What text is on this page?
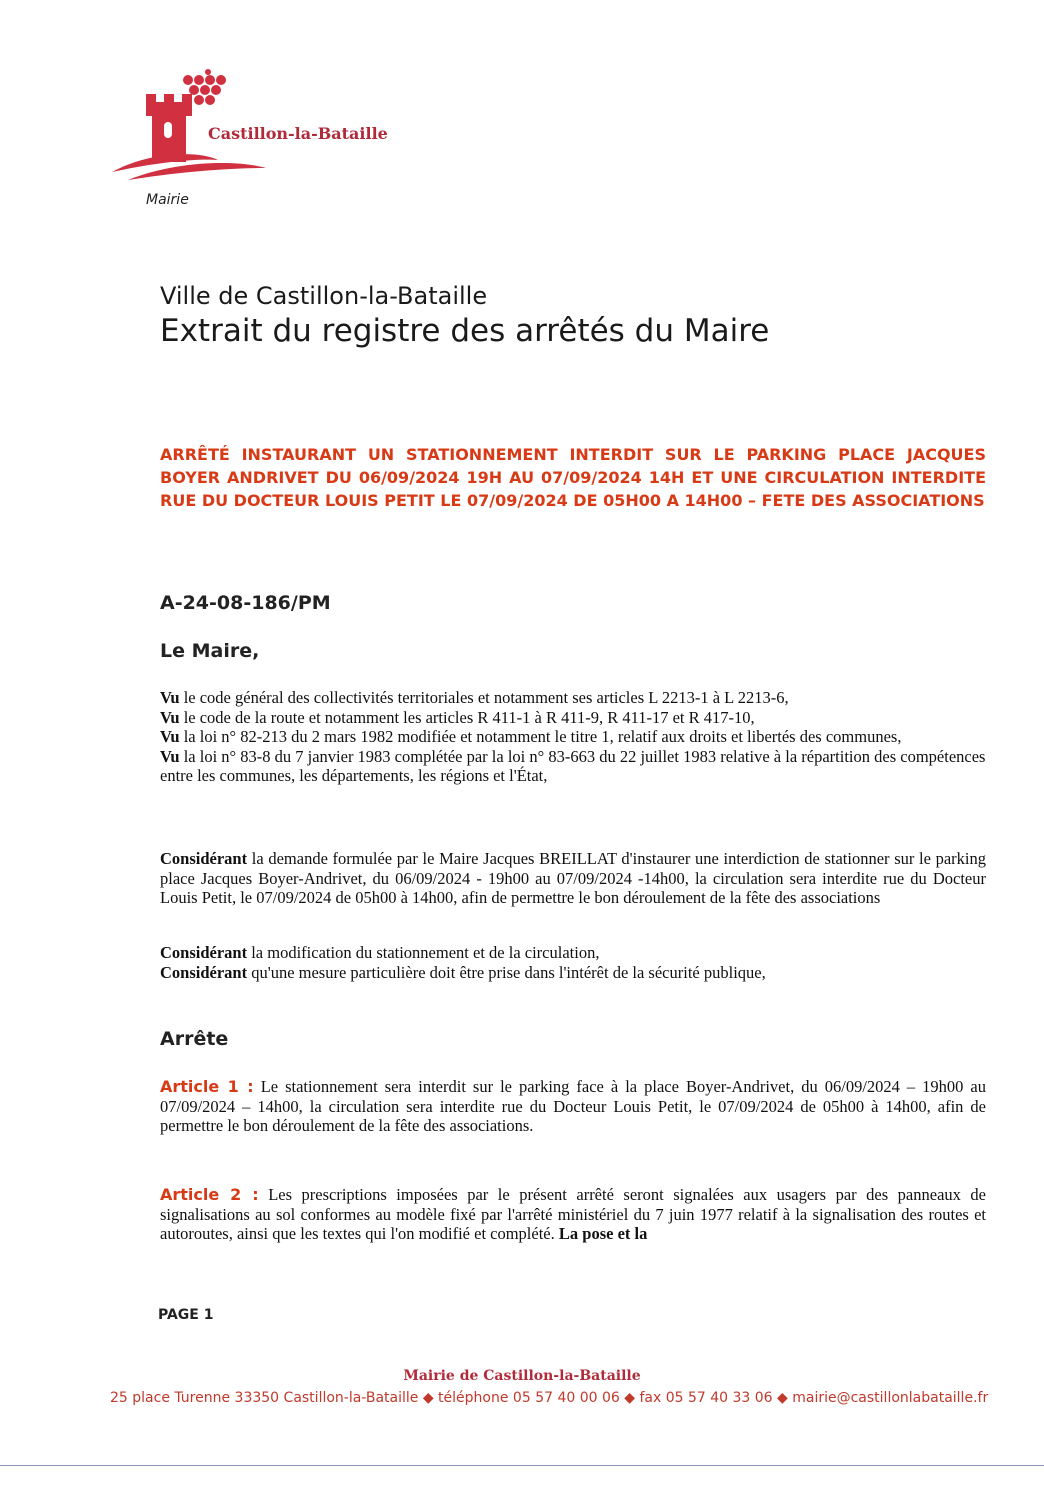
Castillon-la-Bataille
Mairie
Ville de Castillon-la-Bataille
Extrait du registre des arrêtés du Maire

ARRÊTÉ INSTAURANT UN STATIONNEMENT INTERDIT SUR LE PARKING PLACE JACQUES BOYER ANDRIVET DU 06/09/2024 19H AU 07/09/2024 14H ET UNE CIRCULATION INTERDITE RUE DU DOCTEUR LOUIS PETIT LE 07/09/2024 DE 05H00 A 14H00 – FETE DES ASSOCIATIONS

A-24-08-186/PM
Le Maire,

Vu le code général des collectivités territoriales et notamment ses articles L 2213-1 à L 2213-6,

Vu le code de la route et notamment les articles R 411-1 à R 411-9, R 411-17 et R 417-10,

Vu la loi n° 82-213 du 2 mars 1982 modifiée et notamment le titre 1, relatif aux droits et libertés des communes,

Vu la loi n° 83-8 du 7 janvier 1983 complétée par la loi n° 83-663 du 22 juillet 1983 relative à la répartition des compétences entre les communes, les départements, les régions et l'État,

Considérant la demande formulée par le Maire Jacques BREILLAT d'instaurer une interdiction de stationner sur le parking place Jacques Boyer-Andrivet, du 06/09/2024 - 19h00 au 07/09/2024 -14h00, la circulation sera interdite rue du Docteur Louis Petit, le 07/09/2024 de 05h00 à 14h00, afin de permettre le bon déroulement de la fête des associations

Considérant la modification du stationnement et de la circulation,

Considérant qu'une mesure particulière doit être prise dans l'intérêt de la sécurité publique,

Arrête

Article 1 : Le stationnement sera interdit sur le parking face à la place Boyer-Andrivet, du 06/09/2024 – 19h00 au 07/09/2024 – 14h00, la circulation sera interdite rue du Docteur Louis Petit, le 07/09/2024 de 05h00 à 14h00, afin de permettre le bon déroulement de la fête des associations.

Article 2 : Les prescriptions imposées par le présent arrêté seront signalées aux usagers par des panneaux de signalisations au sol conformes au modèle fixé par l'arrêté ministériel du 7 juin 1977 relatif à la signalisation des routes et autoroutes, ainsi que les textes qui l'on modifié et complété. La pose et la

PAGE 1
Mairie de Castillon-la-Bataille
25 place Turenne 33350 Castillon-la-Bataille ◆ téléphone 05 57 40 00 06 ◆ fax 05 57 40 33 06 ◆ mairie@castillonlabataille.fr
